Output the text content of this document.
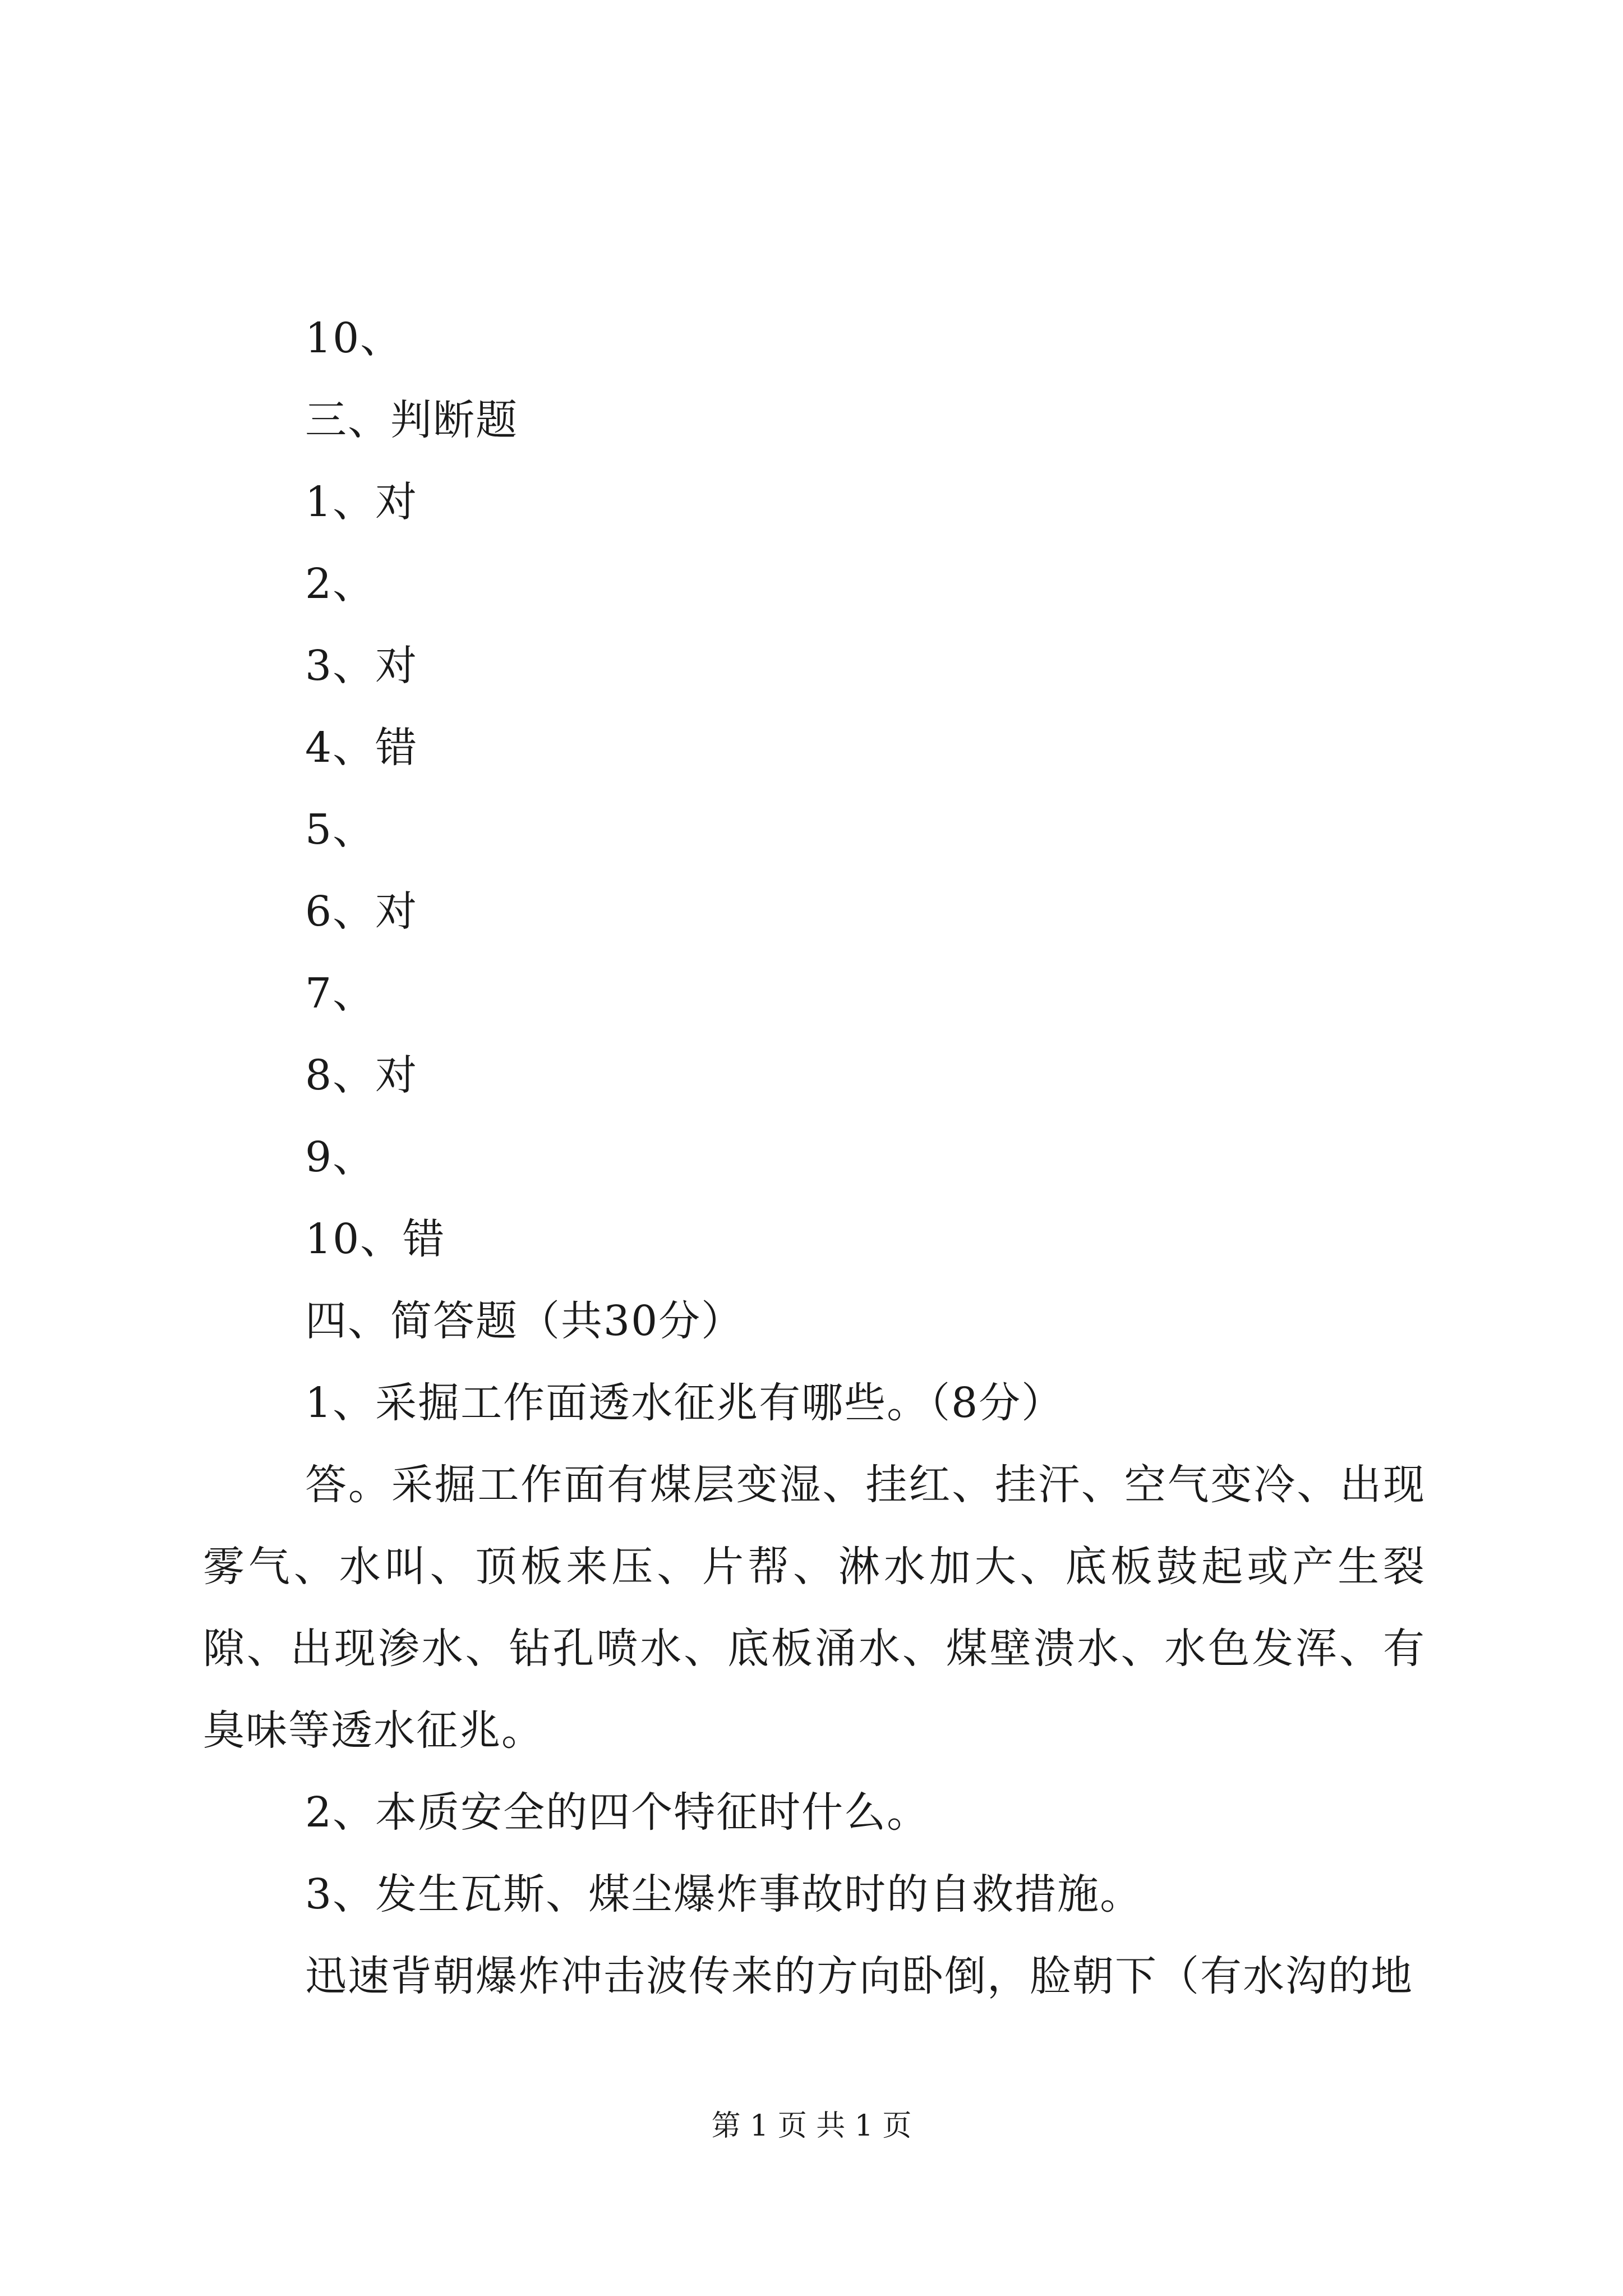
10、
三、判断题
1、对
2、
3、对
4、错
5、
6、对
7、
8、对
9、
10、错
四、简答题（共30分）
1、采掘工作面透水征兆有哪些。（8分）
答。采掘工作面有煤层变湿、挂红、挂汗、空气变冷、出现雾气、水叫、顶板来压、片帮、淋水加大、底板鼓起或产生裂隙、出现渗水、钻孔喷水、底板涌水、煤壁溃水、水色发浑、有臭味等透水征兆。
2、本质安全的四个特征时什么。
3、发生瓦斯、煤尘爆炸事故时的自救措施。
迅速背朝爆炸冲击波传来的方向卧倒，脸朝下（有水沟的地
第 1 页 共 1 页
